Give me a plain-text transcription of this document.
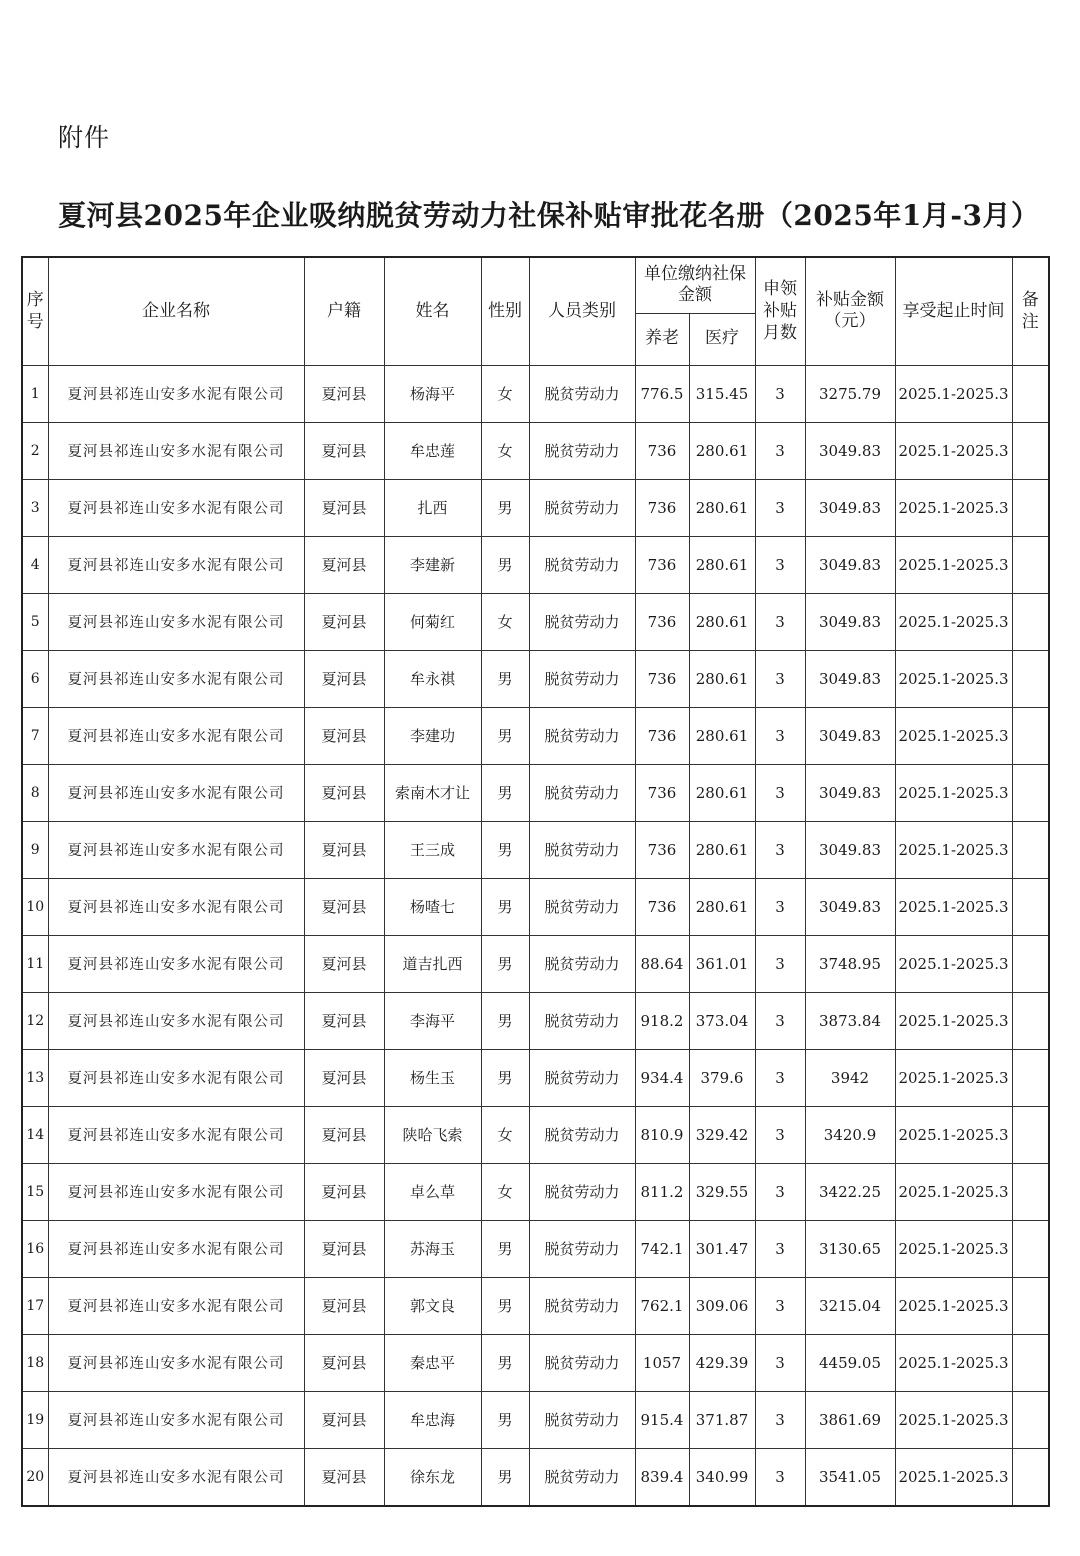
附件
夏河县2025年企业吸纳脱贫劳动力社保补贴审批花名册（2025年1月-3月）
序号	企业名称	户籍	姓名	性别	人员类别	单位缴纳社保金额		申领补贴月数	补贴金额（元）	享受起止时间	备注
						养老	医疗				
1	夏河县祁连山安多水泥有限公司	夏河县	杨海平	女	脱贫劳动力	776.5	315.45	3	3275.79	2025.1-2025.3	
2	夏河县祁连山安多水泥有限公司	夏河县	牟忠莲	女	脱贫劳动力	736	280.61	3	3049.83	2025.1-2025.3	
3	夏河县祁连山安多水泥有限公司	夏河县	扎西	男	脱贫劳动力	736	280.61	3	3049.83	2025.1-2025.3	
4	夏河县祁连山安多水泥有限公司	夏河县	李建新	男	脱贫劳动力	736	280.61	3	3049.83	2025.1-2025.3	
5	夏河县祁连山安多水泥有限公司	夏河县	何菊红	女	脱贫劳动力	736	280.61	3	3049.83	2025.1-2025.3	
6	夏河县祁连山安多水泥有限公司	夏河县	牟永祺	男	脱贫劳动力	736	280.61	3	3049.83	2025.1-2025.3	
7	夏河县祁连山安多水泥有限公司	夏河县	李建功	男	脱贫劳动力	736	280.61	3	3049.83	2025.1-2025.3	
8	夏河县祁连山安多水泥有限公司	夏河县	索南木才让	男	脱贫劳动力	736	280.61	3	3049.83	2025.1-2025.3	
9	夏河县祁连山安多水泥有限公司	夏河县	王三成	男	脱贫劳动力	736	280.61	3	3049.83	2025.1-2025.3	
10	夏河县祁连山安多水泥有限公司	夏河县	杨喳七	男	脱贫劳动力	736	280.61	3	3049.83	2025.1-2025.3	
11	夏河县祁连山安多水泥有限公司	夏河县	道吉扎西	男	脱贫劳动力	88.64	361.01	3	3748.95	2025.1-2025.3	
12	夏河县祁连山安多水泥有限公司	夏河县	李海平	男	脱贫劳动力	918.2	373.04	3	3873.84	2025.1-2025.3	
13	夏河县祁连山安多水泥有限公司	夏河县	杨生玉	男	脱贫劳动力	934.4	379.6	3	3942	2025.1-2025.3	
14	夏河县祁连山安多水泥有限公司	夏河县	陕哈飞索	女	脱贫劳动力	810.9	329.42	3	3420.9	2025.1-2025.3	
15	夏河县祁连山安多水泥有限公司	夏河县	卓么草	女	脱贫劳动力	811.2	329.55	3	3422.25	2025.1-2025.3	
16	夏河县祁连山安多水泥有限公司	夏河县	苏海玉	男	脱贫劳动力	742.1	301.47	3	3130.65	2025.1-2025.3	
17	夏河县祁连山安多水泥有限公司	夏河县	郭文良	男	脱贫劳动力	762.1	309.06	3	3215.04	2025.1-2025.3	
18	夏河县祁连山安多水泥有限公司	夏河县	秦忠平	男	脱贫劳动力	1057	429.39	3	4459.05	2025.1-2025.3	
19	夏河县祁连山安多水泥有限公司	夏河县	牟忠海	男	脱贫劳动力	915.4	371.87	3	3861.69	2025.1-2025.3	
20	夏河县祁连山安多水泥有限公司	夏河县	徐东龙	男	脱贫劳动力	839.4	340.99	3	3541.05	2025.1-2025.3	
